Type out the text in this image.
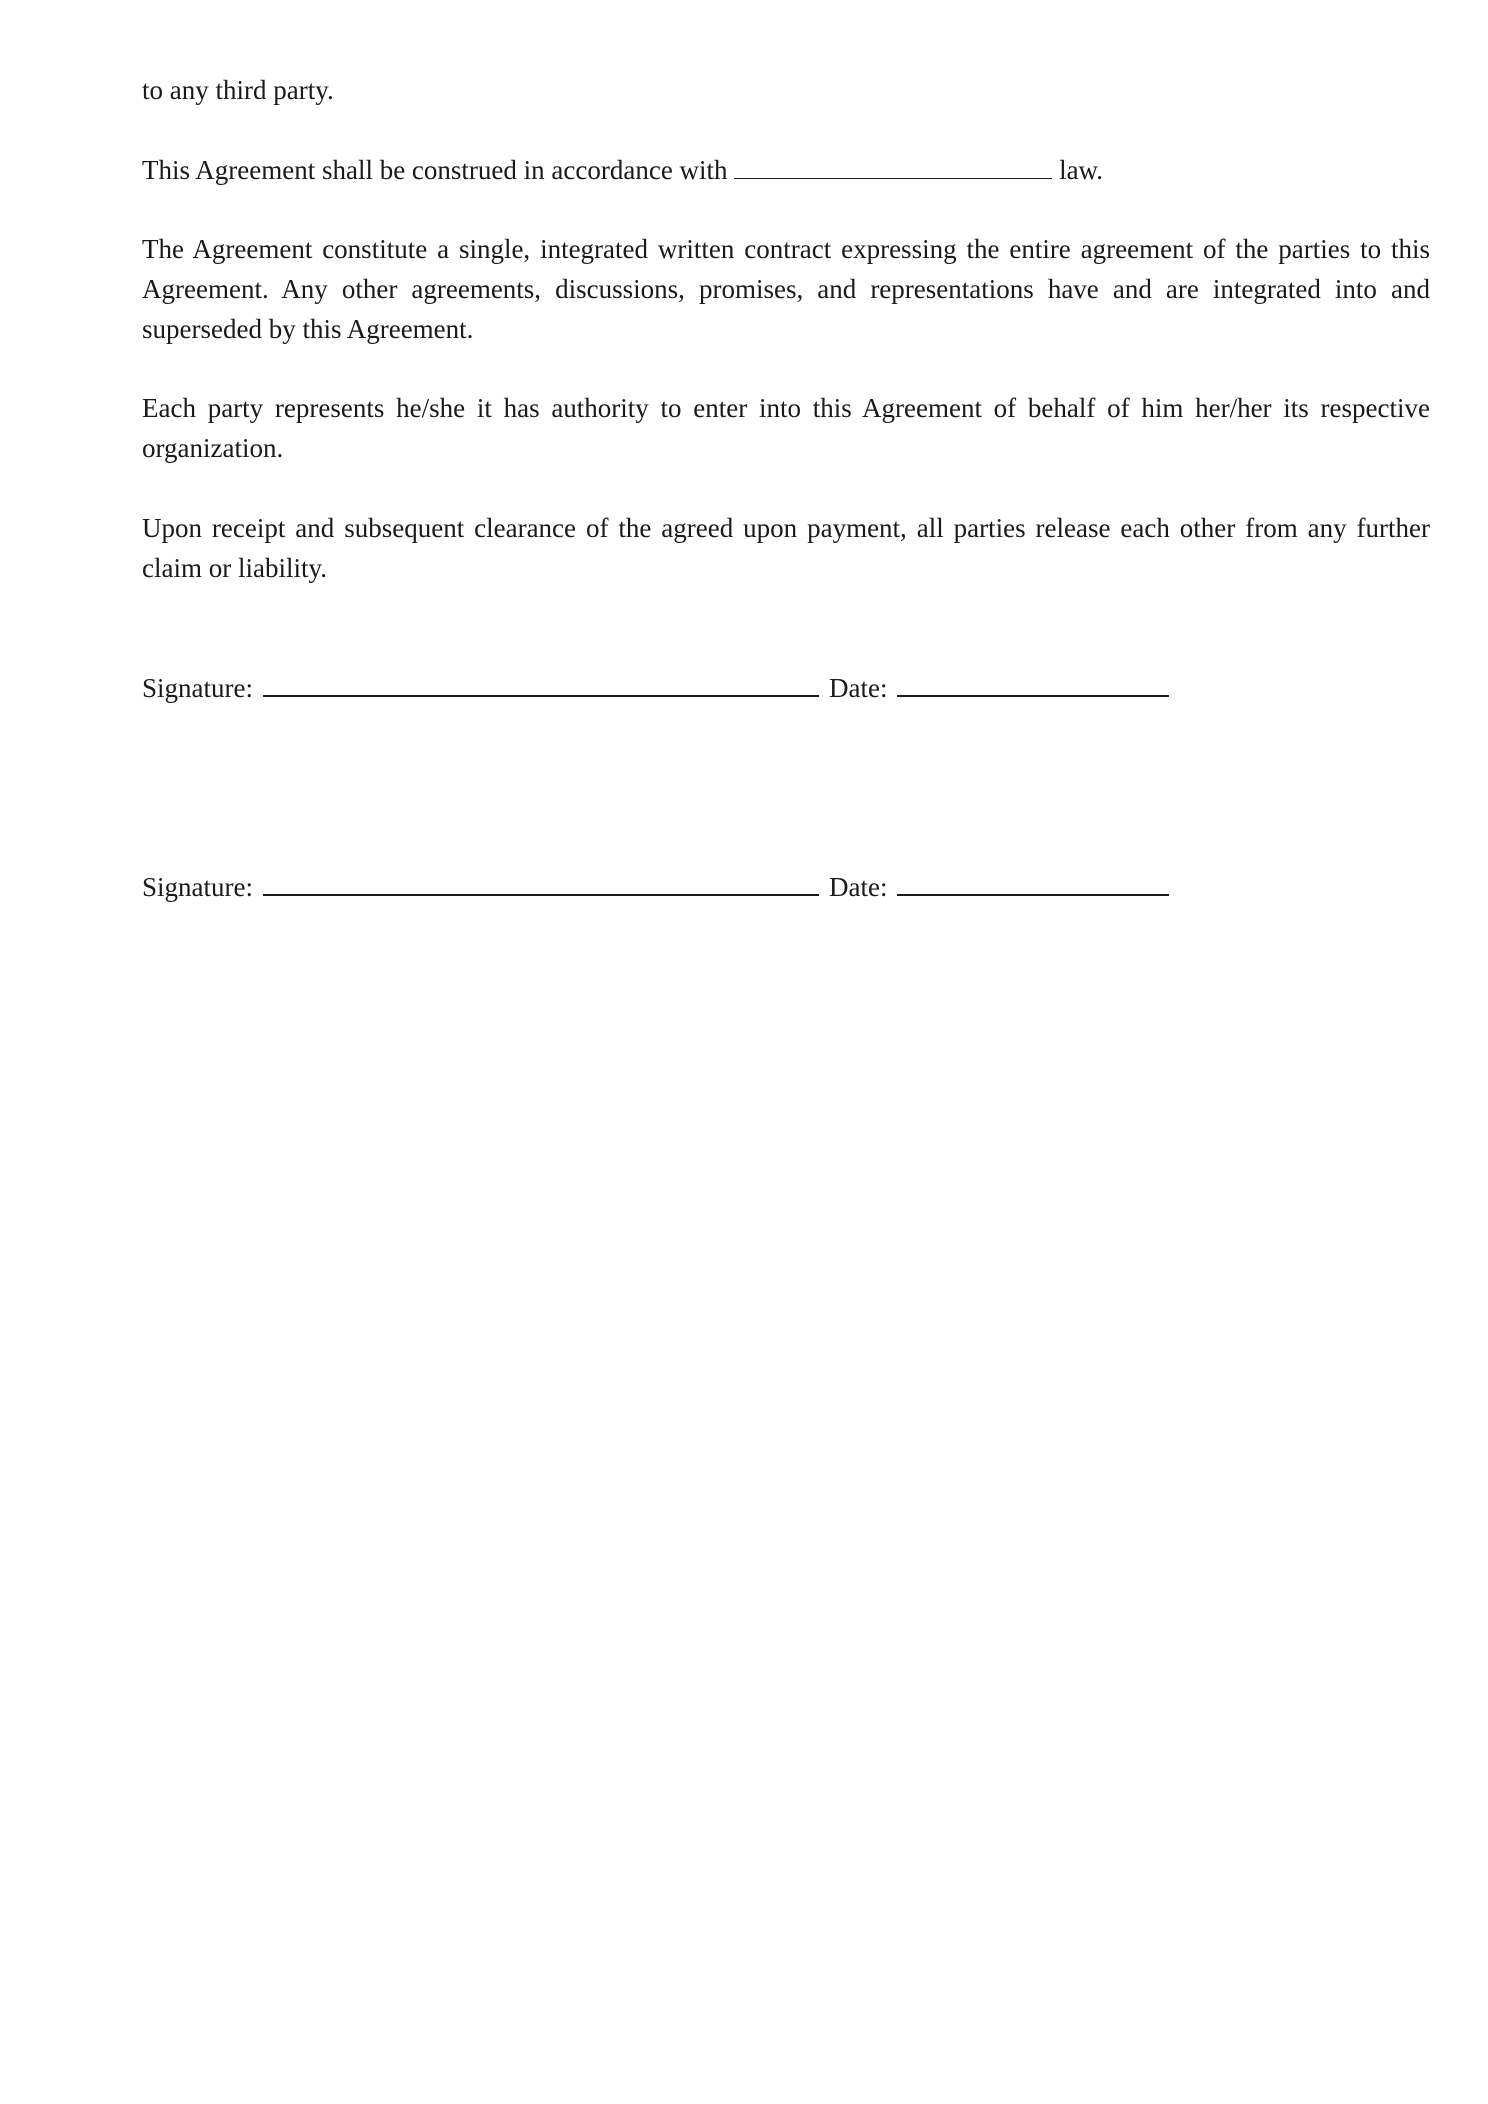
to any third party.

This Agreement shall be construed in accordance with	law.

The Agreement constitute a single, integrated written contract expressing the entire agreement of the parties to this Agreement. Any other agreements, discussions, promises, and representations have and are integrated into and superseded by this Agreement.

Each party represents he/she it has authority to enter into this Agreement of behalf of him her/her its respective organization.

Upon receipt and subsequent clearance of the agreed upon payment, all parties release each other from any further claim or liability.

Signature:	Date:
Signature:	Date:
